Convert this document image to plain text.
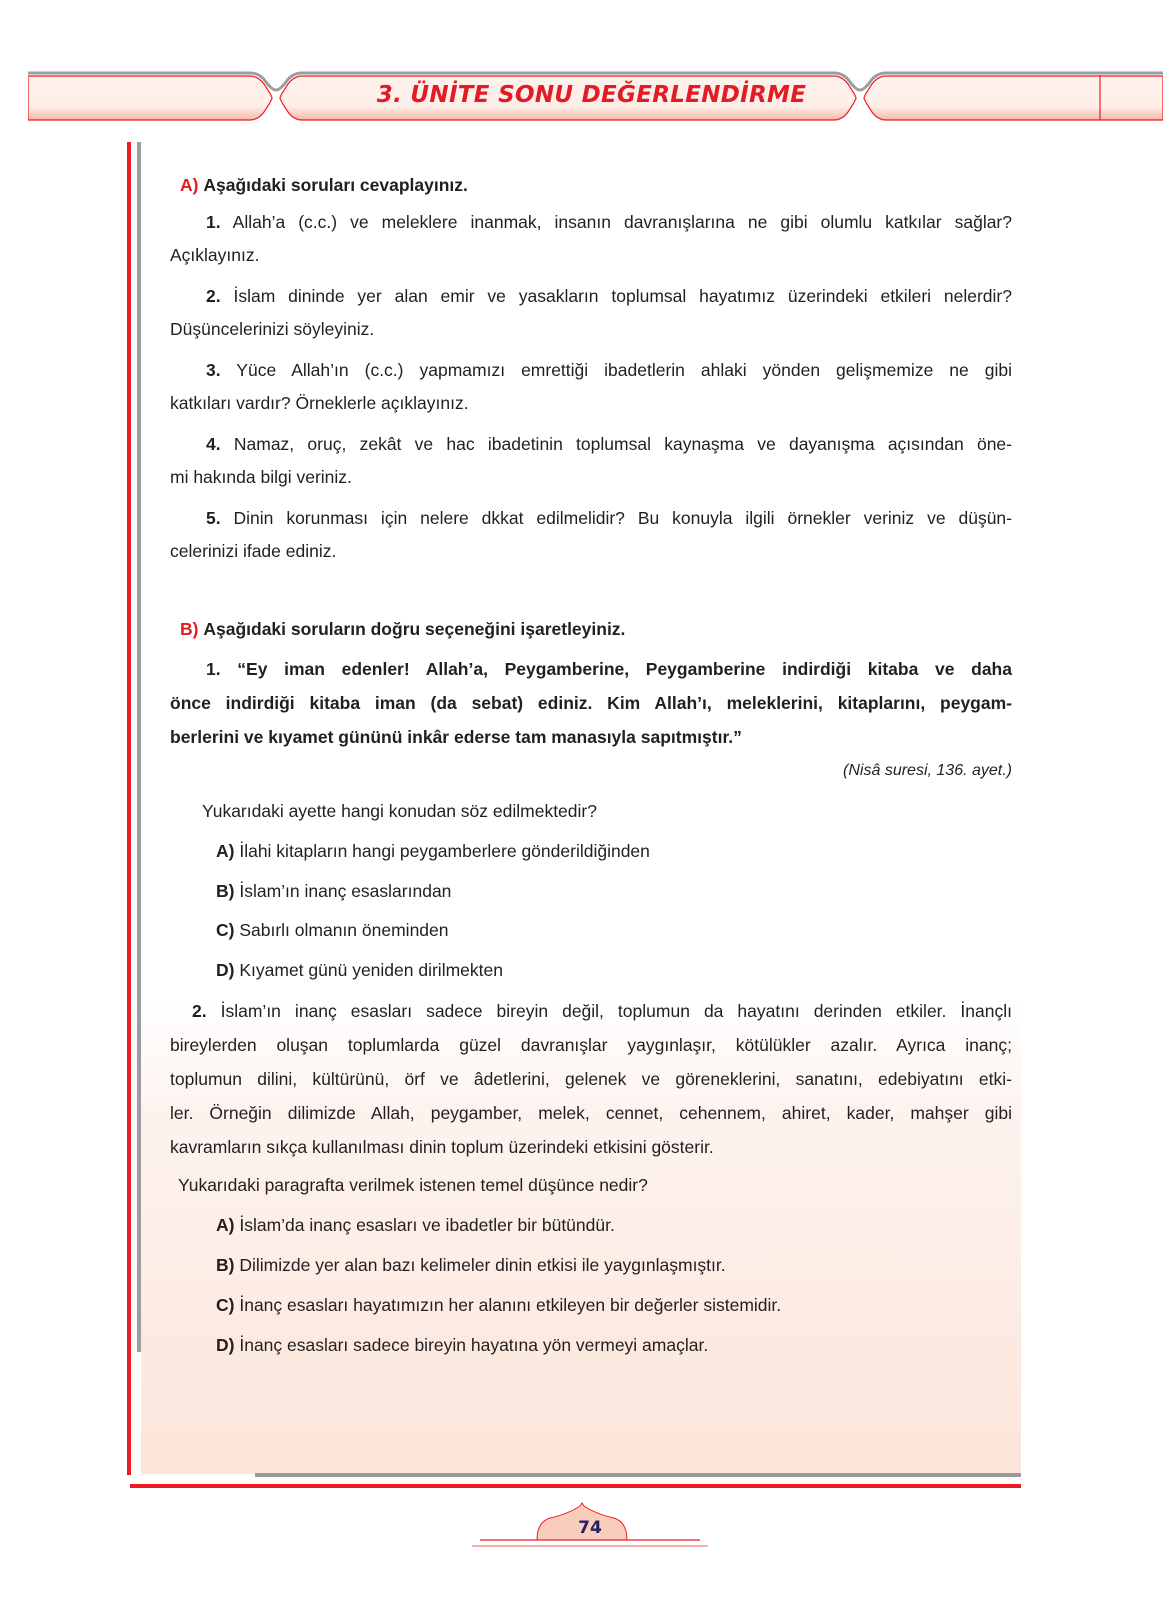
3. ÜNİTE SONU DEĞERLENDİRME
A) Aşağıdaki soruları cevaplayınız.
1. Allah’a (c.c.) ve meleklere inanmak, insanın davranışlarına ne gibi olumlu katkılar sağlar?
Açıklayınız.
2. İslam dininde yer alan emir ve yasakların toplumsal hayatımız üzerindeki etkileri nelerdir?
Düşüncelerinizi söyleyiniz.
3. Yüce Allah’ın (c.c.) yapmamızı emrettiği ibadetlerin ahlaki yönden gelişmemize ne gibi
katkıları vardır? Örneklerle açıklayınız.
4. Namaz, oruç, zekât ve hac ibadetinin toplumsal kaynaşma ve dayanışma açısından öne-
mi hakında bilgi veriniz.
5. Dinin korunması için nelere dkkat edilmelidir? Bu konuyla ilgili örnekler veriniz ve düşün-
celerinizi ifade ediniz.
B) Aşağıdaki soruların doğru seçeneğini işaretleyiniz.
1. “Ey iman edenler! Allah’a, Peygamberine, Peygamberine indirdiği kitaba ve daha
önce indirdiği kitaba iman (da sebat) ediniz. Kim Allah’ı, meleklerini, kitaplarını, peygam-
berlerini ve kıyamet gününü inkâr ederse tam manasıyla sapıtmıştır.”
(Nisâ suresi, 136. ayet.)
Yukarıdaki ayette hangi konudan söz edilmektedir?
A) İlahi kitapların hangi peygamberlere gönderildiğinden
B) İslam’ın inanç esaslarından
C) Sabırlı olmanın öneminden
D) Kıyamet günü yeniden dirilmekten
2. İslam’ın inanç esasları sadece bireyin değil, toplumun da hayatını derinden etkiler. İnançlı
bireylerden oluşan toplumlarda güzel davranışlar yaygınlaşır, kötülükler azalır. Ayrıca inanç;
toplumun dilini, kültürünü, örf ve âdetlerini, gelenek ve göreneklerini, sanatını, edebiyatını etki-
ler. Örneğin dilimizde Allah, peygamber, melek, cennet, cehennem, ahiret, kader, mahşer gibi
kavramların sıkça kullanılması dinin toplum üzerindeki etkisini gösterir.
Yukarıdaki paragrafta verilmek istenen temel düşünce nedir?
A) İslam’da inanç esasları ve ibadetler bir bütündür.
B) Dilimizde yer alan bazı kelimeler dinin etkisi ile yaygınlaşmıştır.
C) İnanç esasları hayatımızın her alanını etkileyen bir değerler sistemidir.
D) İnanç esasları sadece bireyin hayatına yön vermeyi amaçlar.
74
